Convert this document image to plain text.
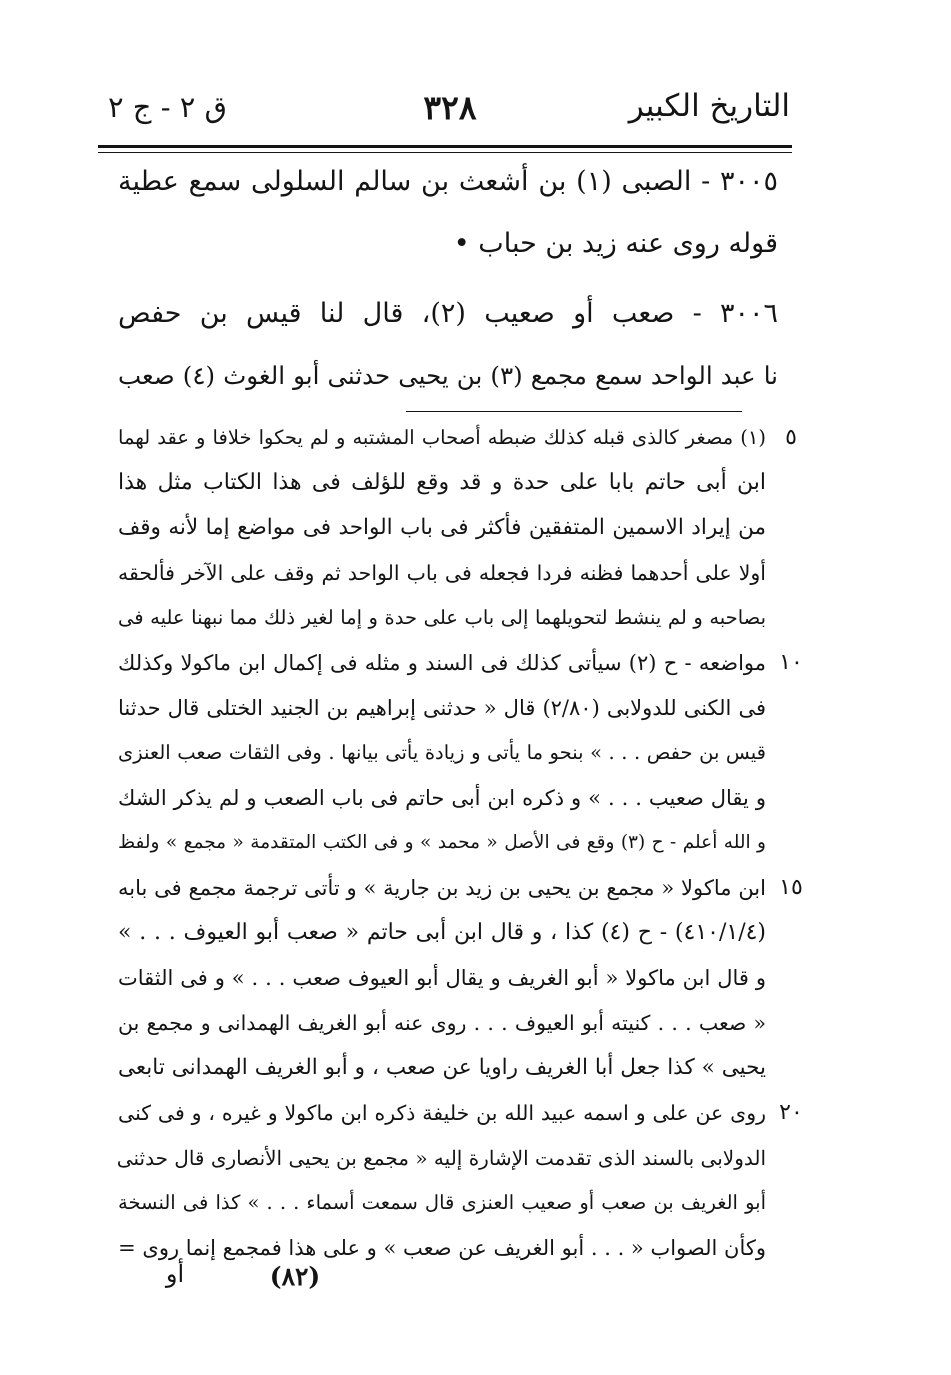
التاريخ الكبير
٣٢٨
ق ٢ - ج ٢
٣٠٠٥ - الصبى (١) بن أشعث بن سالم السلولى سمع عطية
قوله روى عنه زيد بن حباب •
٣٠٠٦ - صعب أو صعيب (٢)، قال لنا قيس بن حفص
نا عبد الواحد سمع مجمع (٣) بن يحيى حدثنى أبو الغوث (٤) صعب
(١) مصغر كالذى قبله كذلك ضبطه أصحاب المشتبه و لم يحكوا خلافا و عقد لهما
ابن أبى حاتم بابا على حدة و قد وقع للؤلف فى هذا الكتاب مثل هذا
من إيراد الاسمين المتفقين فأكثر فى باب الواحد فى مواضع إما لأنه وقف
أولا على أحدهما فظنه فردا فجعله فى باب الواحد ثم وقف على الآخر فألحقه
بصاحبه و لم ينشط لتحويلهما إلى باب على حدة و إما لغير ذلك مما نبهنا عليه فى
مواضعه - ح (٢) سيأتى كذلك فى السند و مثله فى إكمال ابن ماكولا وكذلك
فى الكنى للدولابى (٢/٨٠) قال « حدثنى إبراهيم بن الجنيد الختلى قال حدثنا
قيس بن حفص . . . » بنحو ما يأتى و زيادة يأتى بيانها . وفى الثقات صعب العنزى
و يقال صعيب . . . » و ذكره ابن أبى حاتم فى باب الصعب و لم يذكر الشك
و الله أعلم - ح (٣) وقع فى الأصل « محمد » و فى الكتب المتقدمة « مجمع » ولفظ
ابن ماكولا « مجمع بن يحيى بن زيد بن جارية » و تأتى ترجمة مجمع فى بابه
(٤١٠/١/٤) - ح (٤) كذا ، و قال ابن أبى حاتم « صعب أبو العيوف . . . »
و قال ابن ماكولا « أبو الغريف و يقال أبو العيوف صعب . . . » و فى الثقات
« صعب . . . كنيته أبو العيوف . . . روى عنه أبو الغريف الهمدانى و مجمع بن
يحيى » كذا جعل أبا الغريف راويا عن صعب ، و أبو الغريف الهمدانى تابعى
روى عن على و اسمه عبيد الله بن خليفة ذكره ابن ماكولا و غيره ، و فى كنى
الدولابى بالسند الذى تقدمت الإشارة إليه « مجمع بن يحيى الأنصارى قال حدثنى
أبو الغريف بن صعب أو صعيب العنزى قال سمعت أسماء . . . » كذا فى النسخة
وكأن الصواب « . . . أبو الغريف عن صعب » و على هذا فمجمع إنما روى =
٥
١٠
١٥
٢٠
(٨٢)
أو
